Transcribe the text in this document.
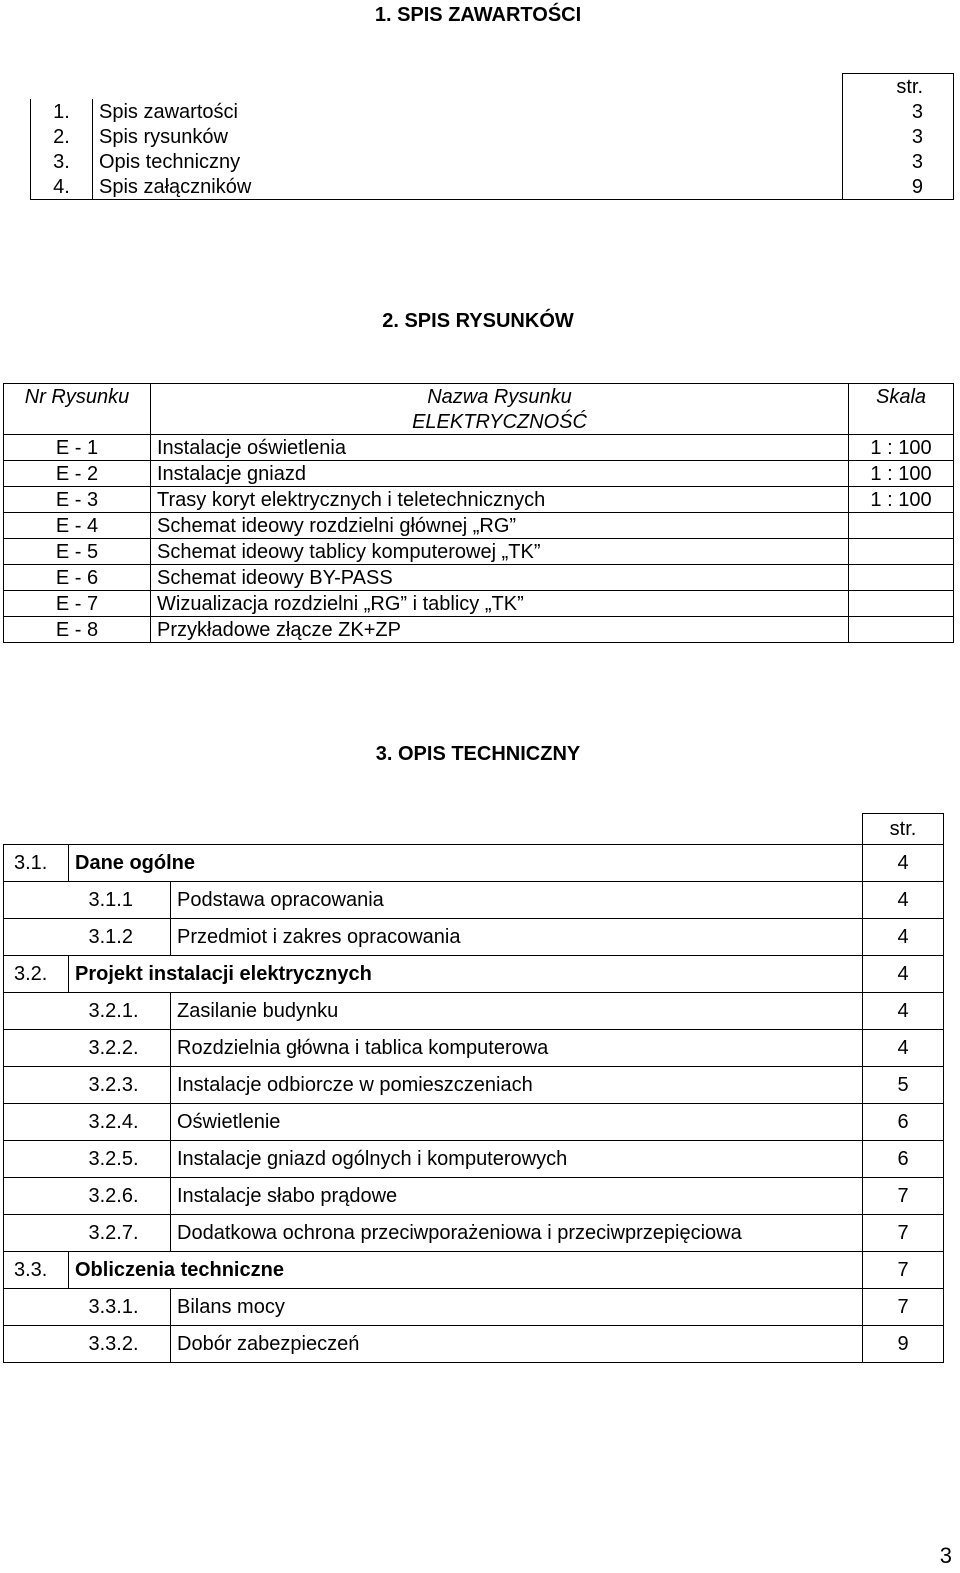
1. SPIS ZAWARTOŚCI
		str.
1.	Spis zawartości	3
2.	Spis rysunków	3
3.	Opis techniczny	3
4.	Spis załączników	9
2. SPIS RYSUNKÓW
Nr Rysunku	Nazwa Rysunku	Skala
	ELEKTRYCZNOŚĆ	
E - 1	Instalacje oświetlenia	1 : 100
E - 2	Instalacje gniazd	1 : 100
E - 3	Trasy koryt elektrycznych i teletechnicznych	1 : 100
E - 4	Schemat ideowy rozdzielni głównej „RG”	
E - 5	Schemat ideowy tablicy komputerowej „TK”	
E - 6	Schemat ideowy BY-PASS	
E - 7	Wizualizacja rozdzielni „RG” i tablicy „TK”	
E - 8	Przykładowe złącze ZK+ZP	
3. OPIS TECHNICZNY
			str.
3.1.	Dane ogólne		4
	3.1.1	Podstawa opracowania	4
	3.1.2	Przedmiot i zakres opracowania	4
3.2.	Projekt instalacji elektrycznych		4
	3.2.1.	Zasilanie budynku	4
	3.2.2.	Rozdzielnia główna i tablica komputerowa	4
	3.2.3.	Instalacje odbiorcze w pomieszczeniach	5
	3.2.4.	Oświetlenie	6
	3.2.5.	Instalacje gniazd ogólnych i komputerowych	6
	3.2.6.	Instalacje słabo prądowe	7
	3.2.7.	Dodatkowa ochrona przeciwporażeniowa i przeciwprzepięciowa	7
3.3.	Obliczenia techniczne		7
	3.3.1.	Bilans mocy	7
	3.3.2.	Dobór zabezpieczeń	9
3
